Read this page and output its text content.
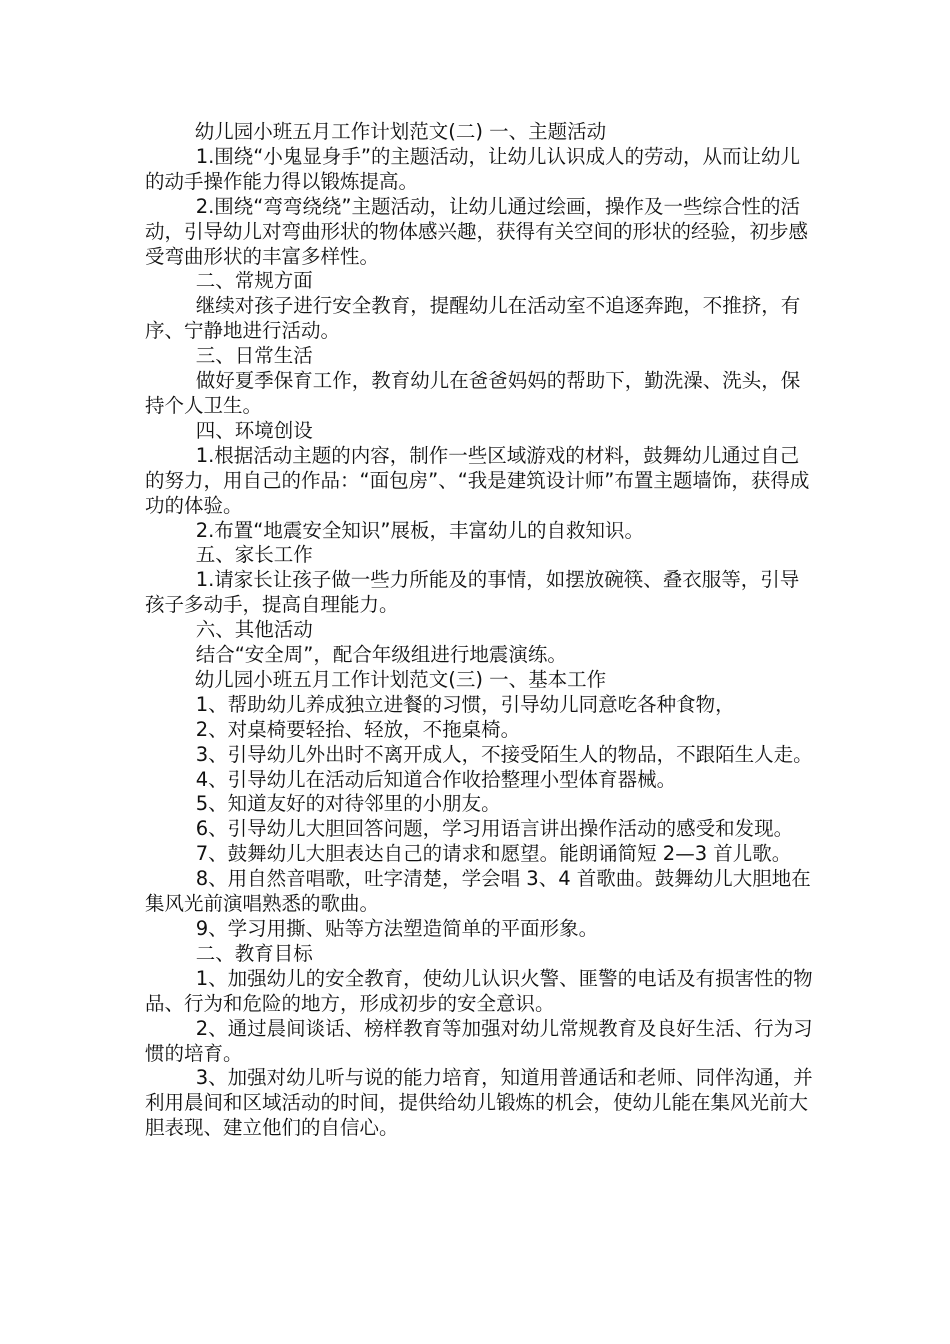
幼儿园小班五月工作计划范文(二) 一、主题活动

1.围绕“小鬼显身手”的主题活动，让幼儿认识成人的劳动，从而让幼儿的动手操作能力得以锻炼提高。

2.围绕“弯弯绕绕”主题活动，让幼儿通过绘画，操作及一些综合性的活动，引导幼儿对弯曲形状的物体感兴趣，获得有关空间的形状的经验，初步感受弯曲形状的丰富多样性。

二、常规方面

继续对孩子进行安全教育，提醒幼儿在活动室不追逐奔跑，不推挤，有序、宁静地进行活动。

三、日常生活

做好夏季保育工作，教育幼儿在爸爸妈妈的帮助下，勤洗澡、洗头，保持个人卫生。

四、环境创设

1.根据活动主题的内容，制作一些区域游戏的材料，鼓舞幼儿通过自己的努力，用自己的作品：“面包房”、“我是建筑设计师”布置主题墙饰，获得成功的体验。

2.布置“地震安全知识”展板，丰富幼儿的自救知识。

五、家长工作

1.请家长让孩子做一些力所能及的事情，如摆放碗筷、叠衣服等，引导孩子多动手，提高自理能力。

六、其他活动

结合“安全周”，配合年级组进行地震演练。

幼儿园小班五月工作计划范文(三) 一、基本工作

1、帮助幼儿养成独立进餐的习惯，引导幼儿同意吃各种食物，

2、对桌椅要轻抬、轻放，不拖桌椅。

3、引导幼儿外出时不离开成人，不接受陌生人的物品，不跟陌生人走。

4、引导幼儿在活动后知道合作收拾整理小型体育器械。

5、知道友好的对待邻里的小朋友。

6、引导幼儿大胆回答问题，学习用语言讲出操作活动的感受和发现。

7、鼓舞幼儿大胆表达自己的请求和愿望。能朗诵简短 2—3 首儿歌。

8、用自然音唱歌，吐字清楚，学会唱 3、4 首歌曲。鼓舞幼儿大胆地在集风光前演唱熟悉的歌曲。

9、学习用撕、贴等方法塑造简单的平面形象。

二、教育目标

1、加强幼儿的安全教育，使幼儿认识火警、匪警的电话及有损害性的物品、行为和危险的地方，形成初步的安全意识。

2、通过晨间谈话、榜样教育等加强对幼儿常规教育及良好生活、行为习惯的培育。

3、加强对幼儿听与说的能力培育，知道用普通话和老师、同伴沟通，并利用晨间和区域活动的时间，提供给幼儿锻炼的机会，使幼儿能在集风光前大胆表现、建立他们的自信心。
